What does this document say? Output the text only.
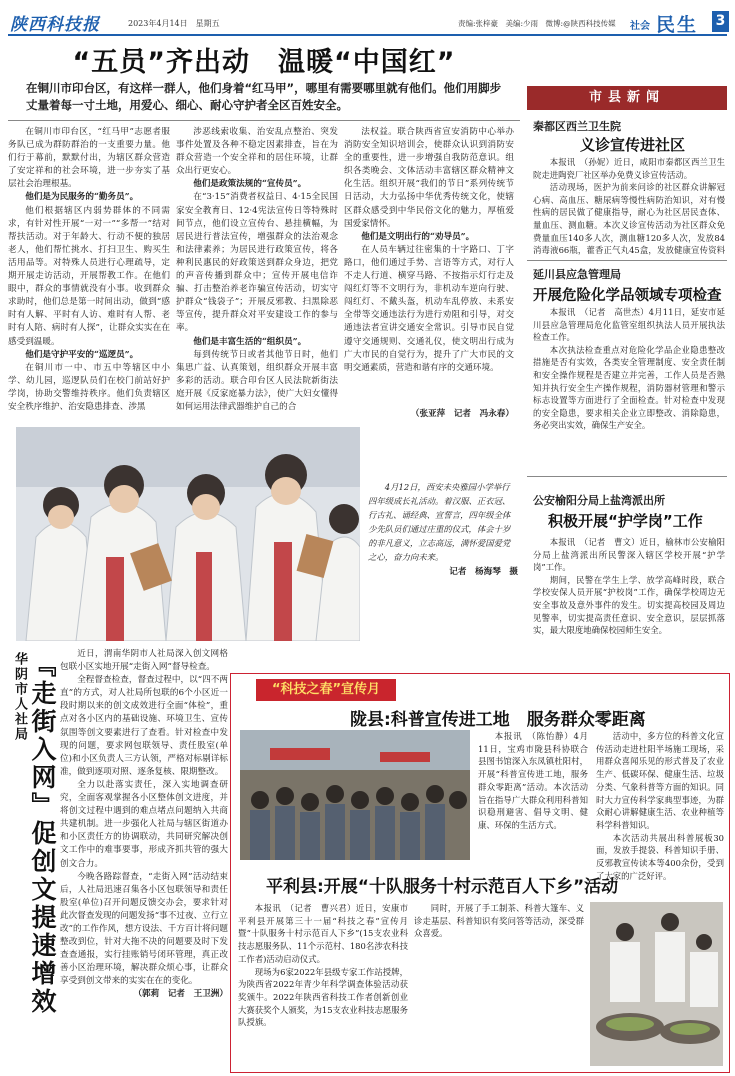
陕西科技报	2023年4月14日　星期五	责编:张梓豪　美编:少雨　微博:@陕西科技传媒 社会 民生 3
“五员”齐出动　温暖“中国红”
在铜川市印台区，有这样一群人，他们身着“红马甲”，哪里有需要哪里就有他们。他们用脚步丈量着每一寸土地，用爱心、细心、耐心守护者全区百姓安全。

在铜川市印台区，“红马甲”志愿者服务队已成为群防群治的一支重要力量。他们行于幕前，默默付出，为辖区群众营造了安定祥和的社会环境，进一步夯实了基层社会治理根基。

他们是为民服务的“勤务员”。

他们根据辖区内弱势群体的不同需求，有针对性开展“一对一”“多帮一”结对帮扶活动。对于年龄大、行动不便的独居老人，他们帮忙挑水、打扫卫生、购买生活用品等。对特殊人员进行心理疏导，定期开展走访活动，开展帮教工作。在他们眼中，群众的事情就没有小事。收到群众求助时，他们总是第一时间出动，做到“感时有人解、平时有人访、难时有人帮、老时有人陪、病时有人探”，让群众实实在在感受到温暖。

他们是守护平安的“巡逻员”。

在铜川市一中、市五中等辖区中小学、幼儿园，巡逻队员们在校门前站好护学岗，协助交警维持秩序。他们负责辖区安全秩序维护、治安隐患排查、涉黑

涉恶线索收集、治安乱点整治、突发事件处置及各种不稳定因素排查，旨在为群众营造一个安全祥和的居住环境，让群众出行更安心。

他们是政策法规的“宣传员”。

在“3·15”消费者权益日、4·15全民国家安全教育日、12·4宪法宣传日等特殊时间节点，他们设立宣传台、悬挂横幅，为居民进行普法宣传，增强群众的法治观念和法律素养；为居民进行政策宣传，将各种利民惠民的好政策送到群众身边，把党的声音传播到群众中；宣传开展电信诈骗、打击整治养老诈骗宣传活动，切实守护群众“钱袋子”；开展反邪教、扫黑除恶等宣传，提升群众对平安建设工作的参与率。

他们是丰富生活的“组织员”。

每到传统节日或者其他节日时，他们集思广益、认真策划，组织群众开展丰富多彩的活动。联合印台区人民法院新街法庭开展《反家庭暴力法》，使广大妇女懂得如何运用法律武器维护自己的合

法权益。联合陕西省宣安消防中心举办消防安全知识培训会，使群众认识到消防安全的重要性，进一步增强自我防范意识。组织各类晚会、文体活动丰富辖区群众精神文化生活。组织开展“我们的节日”系列传统节日活动，大力弘扬中华优秀传统文化，使辖区群众感受到中华民俗文化的魅力，厚植爱国爱家情怀。

他们是文明出行的“劝导员”。

在人员车辆过往密集的十字路口、丁字路口，他们通过手势、言语等方式，对行人不走人行道、横穿马路、不按指示灯行走及闯红灯等不文明行为，非机动车逆向行驶、闯红灯、不戴头盔，机动车乱停放、未系安全带等交通违法行为进行劝阻和引导，对交通违法者宣讲交通安全常识。引导市民自觉遵守交通规则、交通礼仪，使文明出行成为广大市民的自觉行为，提升了广大市民的文明交通素质，营造和谐有序的交通环境。

（张亚萍　记者　冯永春）
市县新闻
秦都区西兰卫生院
义诊宣传进社区

本报讯　（孙妮）近日，咸阳市秦都区西兰卫生院走进陶瓷厂社区举办免费义诊宣传活动。

活动现场，医护为前来问诊的社区群众讲解冠心病、高血压、糖尿病等慢性病防治知识，对有慢性病的居民做了健康指导，耐心为社区居民查体、量血压、测血糖。本次义诊宣传活动为社区群众免费量血压140多人次，测血糖120多人次，发放84消毒液66瓶，藿香正气丸45盒，发放健康宣传资料

延川县应急管理局
开展危险化学品领域专项检查

本报讯　（记者　高世杰）4月11日，延安市延川县应急管理局危化监管室组织执法人员开展执法检查工作。

本次执法检查重点对危险化学品企业隐患整改措施是否有实效，各类安全管理制度、安全责任制和安全操作规程是否建立并完善，工作人员是否熟知并执行安全生产操作规程，消防器材管理和警示标志设置等方面进行了全面检查。针对检查中发现的安全隐患，要求相关企业立即整改、消除隐患，务必突出实效，确保生产安全。

公安榆阳分局上盐湾派出所
积极开展“护学岗”工作

本报讯　（记者　曹文）近日，榆林市公安榆阳分局上盐湾派出所民警深入辖区学校开展“护学岗”工作。

期间，民警在学生上学、放学高峰时段，联合学校安保人员开展“护校岗”工作，确保学校周边无安全事故及意外事件的发生。切实提高校园及周边见警率，切实提高责任意识、安全意识，层层抓落实，最大限度地确保校园师生安全。

4月12日，西安未央雅园小学举行四年级成长礼活动。着汉服、正衣冠、行古礼、诵经典、宣誓言，四年级全体少先队员们通过庄重的仪式，体会十岁的非凡意义，立志高远，满怀爱国爱党之心，奋力向未来。
记者　杨海琴　摄
华阴市人社局 『走街入网』促创文提速增效	近日，渭南华阴市人社局深入创文网格包联小区实地开展“走街入网”督导检查。

全程督查检查，督查过程中，以“四不两直”的方式，对人社局所包联的6个小区近一段时期以来的创文成效进行全面“体检”，重点对各小区内的基础设施、环境卫生、宣传氛围等创文要素进行了查看。针对检查中发现的问题，要求网包联领导、责任股室(单位)和小区负责人三方认领，严格对标剔详标准，做到逐项对照、逐条复核、限期整改。

全力以赴落实责任，深入实地调查研究，全面客观掌握各小区整体创文进度，并将创文过程中遇到的难点堵点问题纳入共商共建机制。进一步强化人社局与辖区街道办和小区责任方的协调联动，共同研究解决创文工作中的难事要事，形成齐抓共管的强大创文合力。

今晚各路踪督查，“走街入网”活动结束后，人社局迅速召集各小区包联领导和责任股室(单位)召开问题反馈交办会，要求针对此次督查发现的问题发扬“事不过夜、立行立改”的工作作风，想方设法、千方百计将问题整改到位，针对大拖不决的问题要及时下发查查通报，实行挂账销号闭环管理，真正改善小区治理环境，解决群众烦心事，让群众享受到创文带来的实实在在的变化。

（郭莉　记者　王卫洲）

“科技之春”宣传月
陇县:科普宣传进工地　服务群众零距离

本报讯　（陈怡静）4月11日，宝鸡市陇县科协联合县图书馆深入东凤镇杜阳村，开展“科普宣传进工地，服务群众零距离”活动。本次活动旨在指导广大群众利用科普知识稳刑避害、倡导文明、健康、环保的生活方式。

活动中，多方位的科普文化宣传活动走进杜阳半场施工现场，采用群众喜闻乐见的形式普及了农业生产、低碳环保、健康生活、垃圾分类、气象科普等方面的知识。同时大力宣传科学家典型事迹，为群众耐心讲解健康生活、农业种植等科学科普知识。

本次活动共展出科普展板30面，发放手提袋、科普知识手册、反邪教宣传读本等400余份，受到了大家的广泛好评。

平利县:开展“十队服务十村示范百人下乡”活动

本报讯　（记者　曹兴君）近日，安康市平利县开展第三十一届“科技之春”宣传月暨“十队服务十村示范百人下乡”(15支农业科技志愿服务队、11个示范村、180名涉农科技工作者)活动启动仪式。

现场为6家2022年县级专家工作站授牌，为陕西省2022年青少年科学调查体验活动获奖颁牛。2022年陕西省科技工作者创新创业大赛获奖个人颁奖，为15支农业科技志愿服务队授旗。

同时，开展了手工制茶、科普大篷车、义诊走基层、科普知识有奖问答等活动，深受群众喜爱。
